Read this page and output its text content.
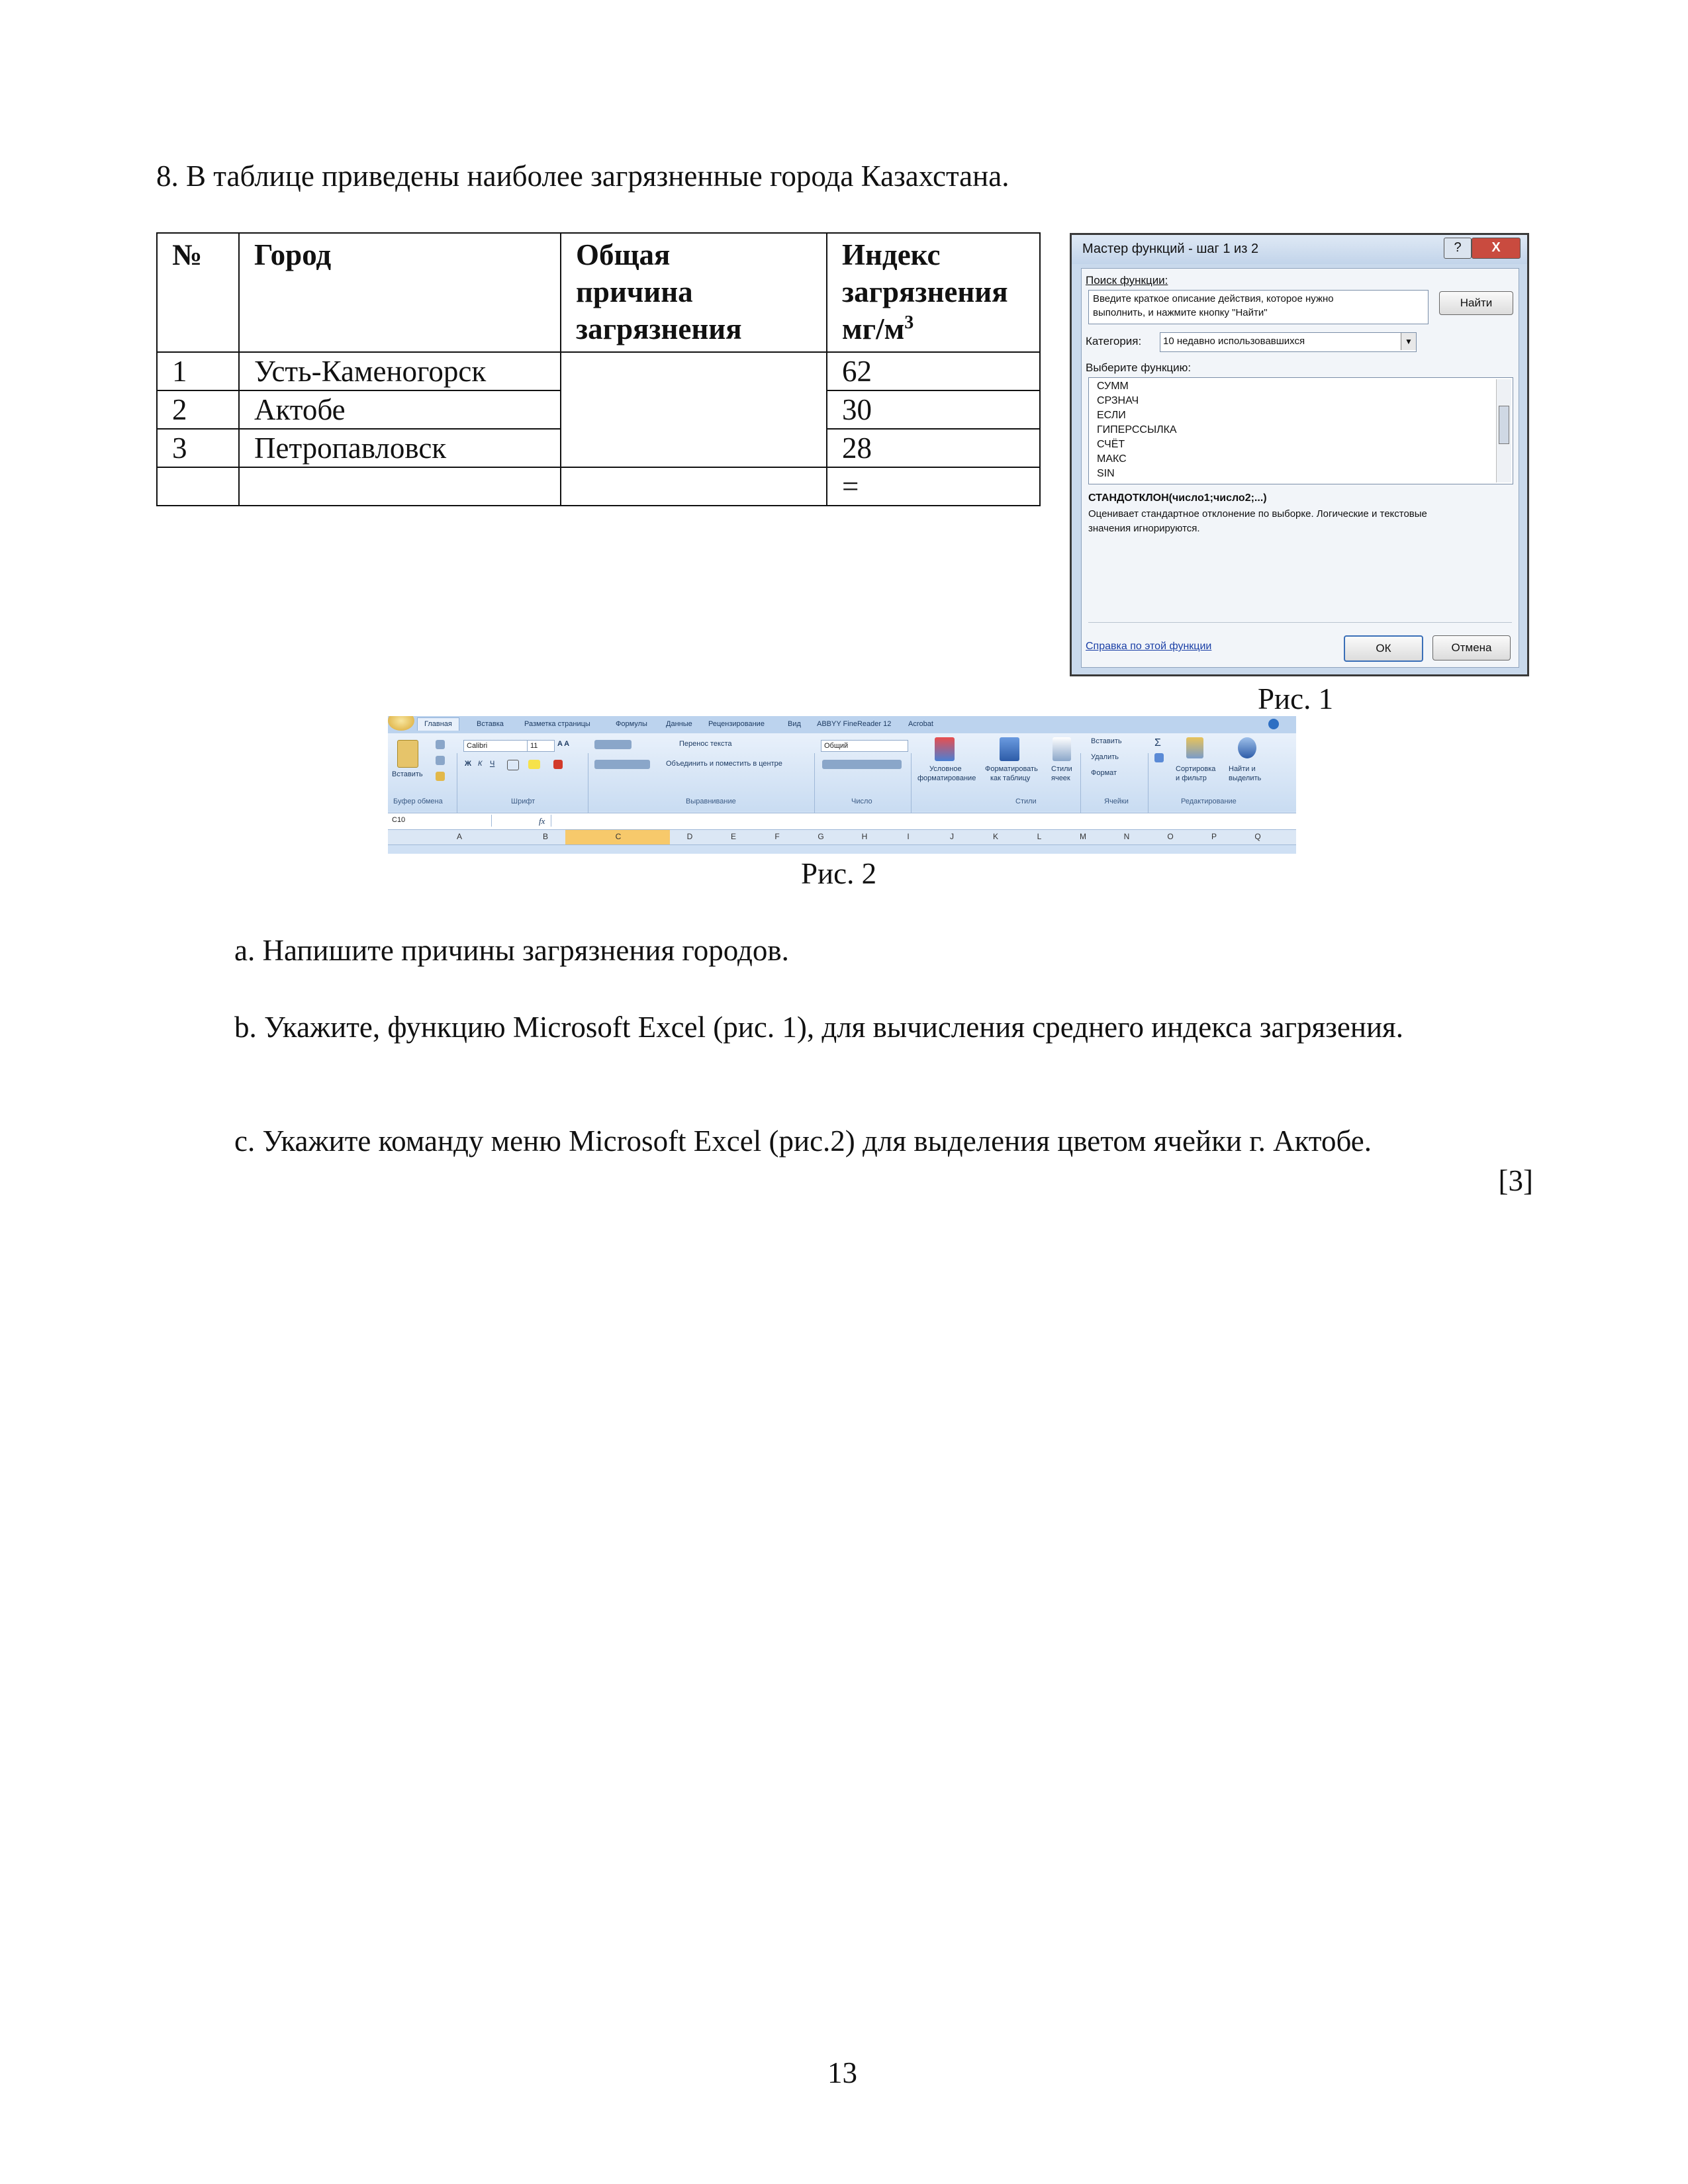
8. В таблице приведены наиболее загрязненные города Казахстана.
№	Город	Общая
причина
загрязнения	Индекс
загрязнения
$мг/м^3$
1	Усть-Каменогорск		62
2	Актобе		30
3	Петропавловск		28
			=
Мастер функций - шаг 1 из 2	?	X
Поиск функции:
Введите краткое описание действия, которое нужно
выполнить, и нажмите кнопку "Найти"
Найти
Категория: 10 недавно использовавшихся	▼
Выберите функцию:
СУММ
СРЗНАЧ
ЕСЛИ
ГИПЕРССЫЛКА
СЧЁТ
МАКС
SIN
СТАНДОТКЛОН(число1;число2;...)
Оценивает стандартное отклонение по выборке. Логические и текстовые
значения игнорируются.
Справка по этой функции	ОК	Отмена
Рис. 1
Главная	Вставка	Разметка страницы	Формулы	Данные Рецензирование	Вид ABBYY FineReader 12 Acrobat
Вставить
Calibri	11	A A
Ж К Ч
Перенос текста
Объединить и поместить в центре
Общий
Условное
форматирование
Форматировать
как таблицу
Стили
ячеек
Вставить
Удалить
Формат
Σ
Сортировка
и фильтр
Найти и
выделить
Буфер обмена	Шрифт	Выравнивание	Число	Стили	Ячейки	Редактирование
C10	fx
A	B	C	D	E	F	G	H	I	J	K	L	M	N	O	P	Q
Рис. 2
a. Напишите причины загрязнения городов.
b. Укажите, функцию Microsoft Excel (рис. 1), для вычисления среднего индекса загрязения.
c. Укажите команду меню Microsoft Excel (рис.2) для выделения цветом ячейки г. Актобе.
[3]
13
